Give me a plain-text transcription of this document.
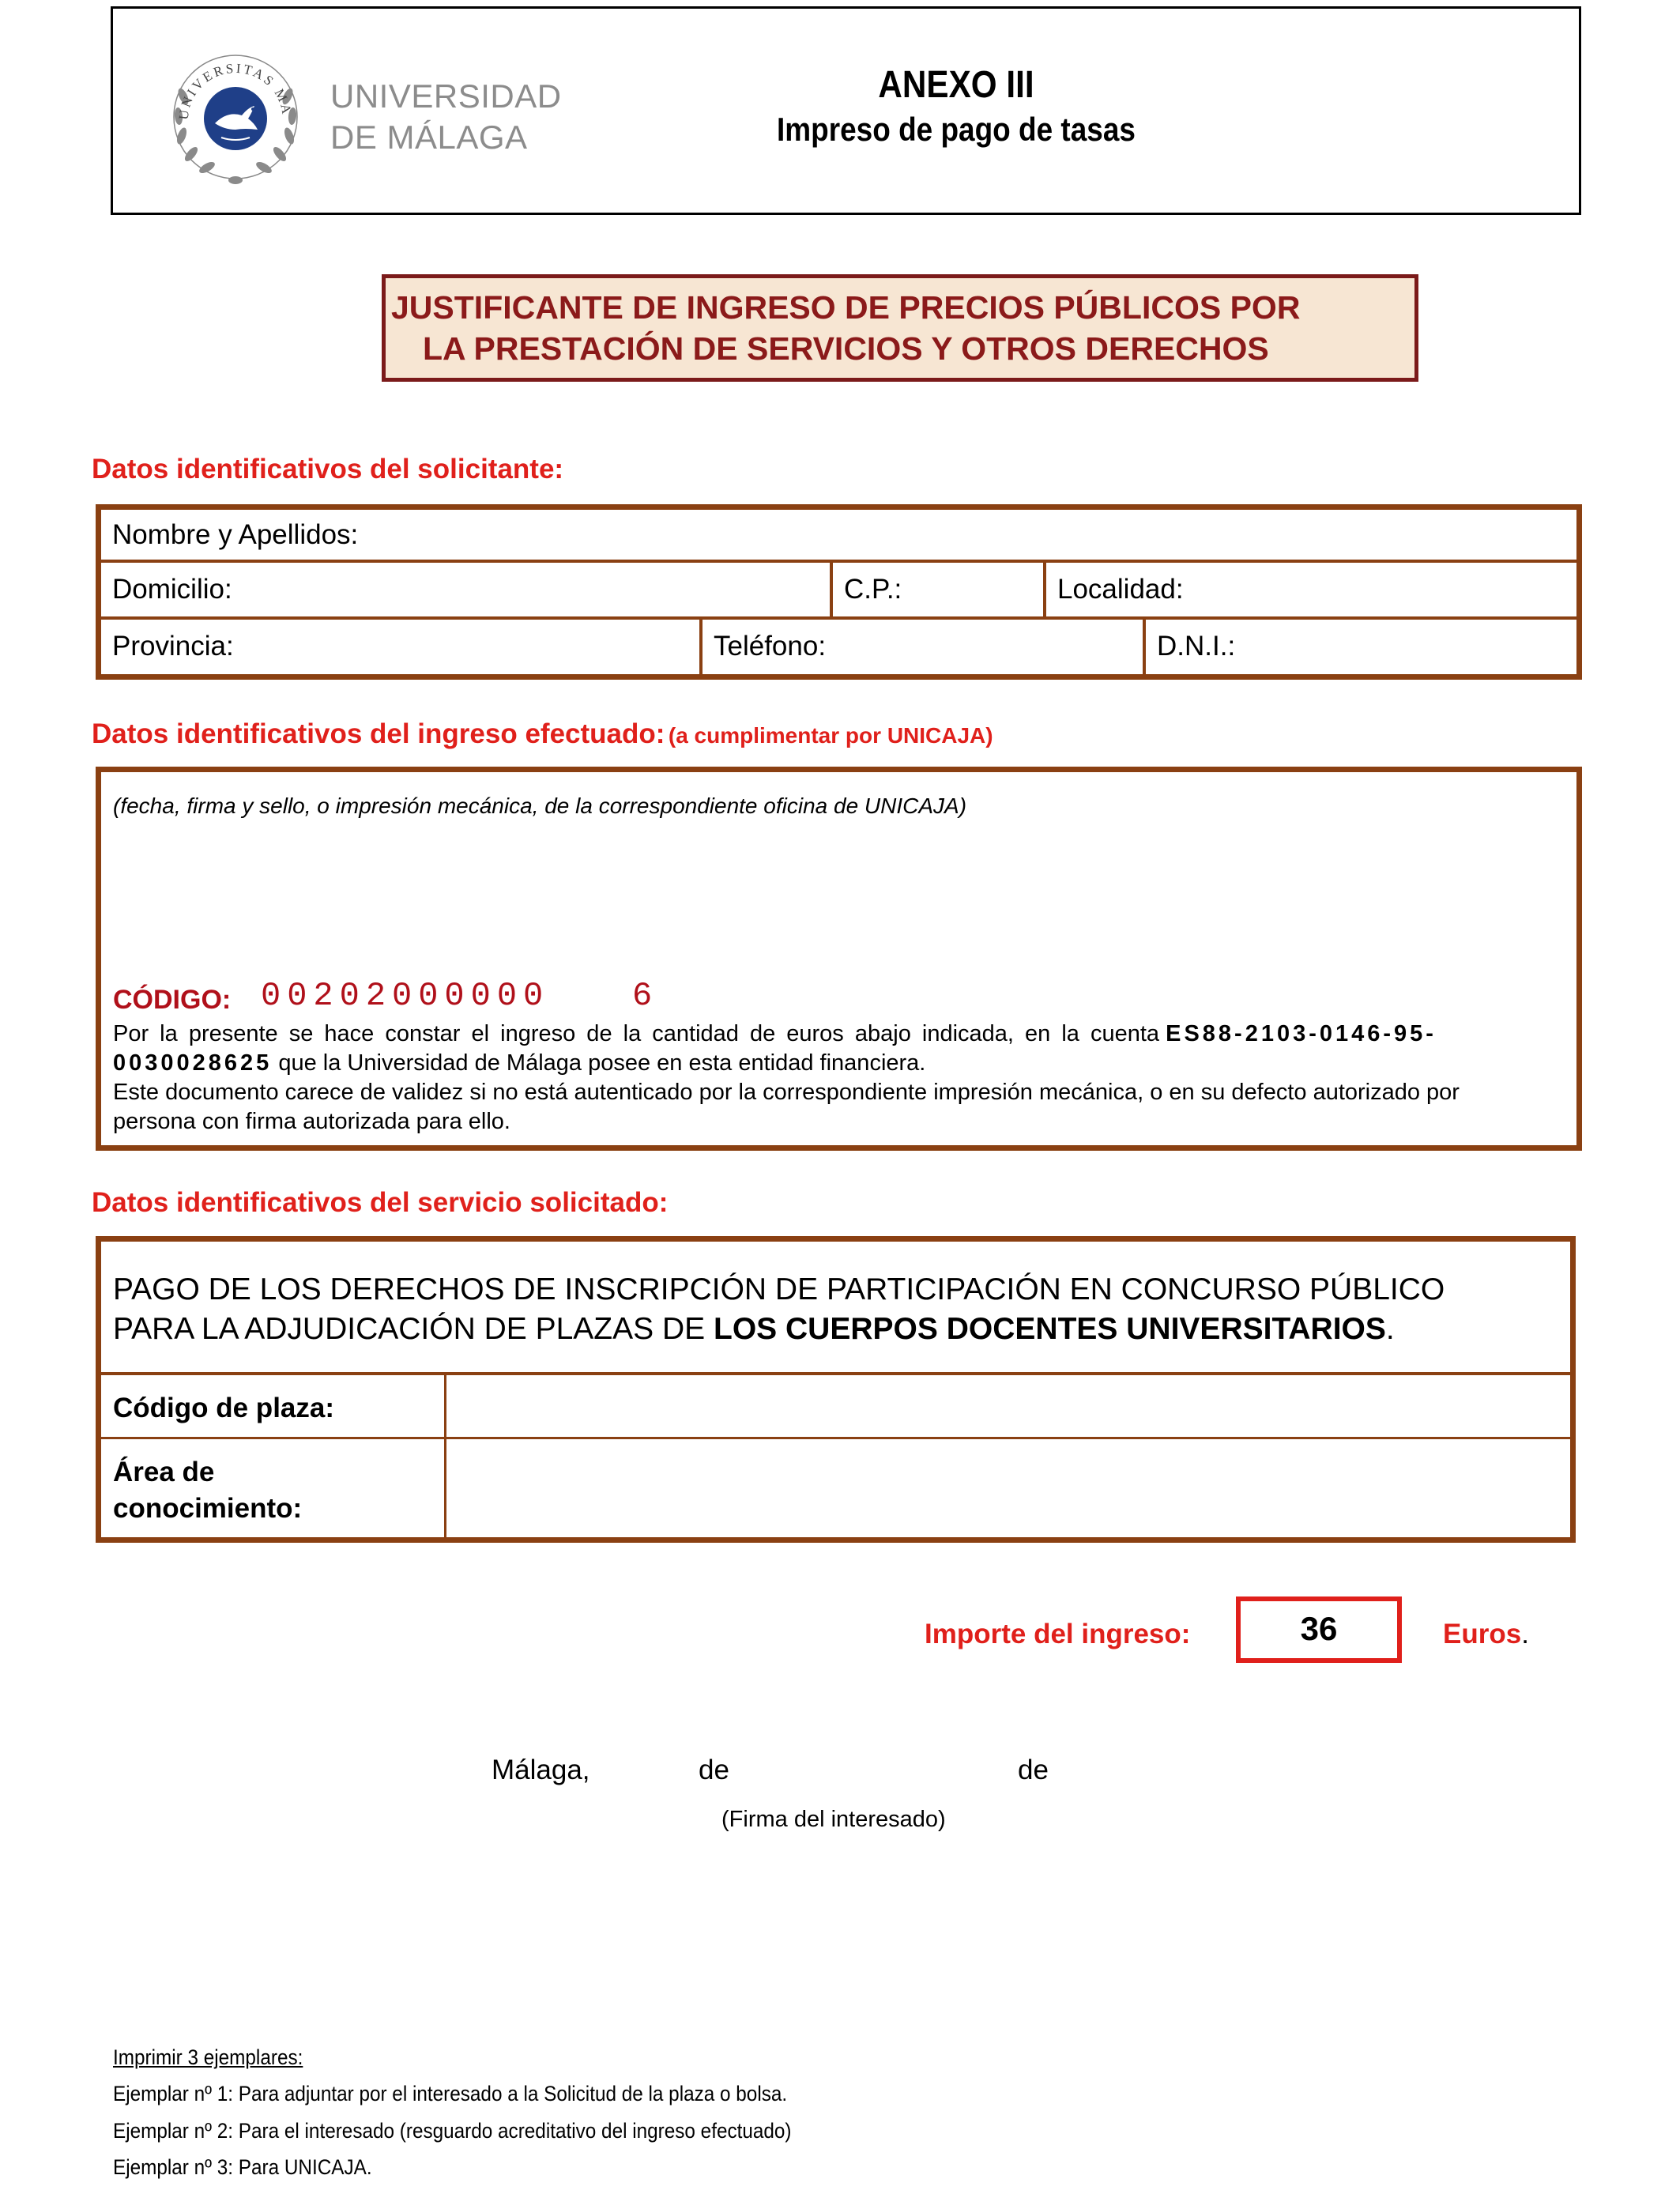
UNIVERSITAS MA UNIVERSIDAD
DE MÁLAGA
ANEXO III
Impreso de pago de tasas
JUSTIFICANTE DE INGRESO DE PRECIOS PÚBLICOS POR
LA PRESTACIÓN DE SERVICIOS Y OTROS DERECHOS
Datos identificativos del solicitante:
Nombre y Apellidos:
Domicilio:	C.P.:	Localidad:
Provincia:	Teléfono:	D.N.I.:
Datos identificativos del ingreso efectuado: (a cumplimentar por UNICAJA)
(fecha, firma y sello, o impresión mecánica, de la correspondiente oficina de UNICAJA)
CÓDIGO: 00202000000 6
Por la presente se hace constar el ingreso de la cantidad de euros abajo indicada, en la cuenta ES88-2103-0146-95-
0030028625 que la Universidad de Málaga posee en esta entidad financiera.
Este documento carece de validez si no está autenticado por la correspondiente impresión mecánica, o en su defecto autorizado por
persona con firma autorizada para ello.
Datos identificativos del servicio solicitado:
PAGO DE LOS DERECHOS DE INSCRIPCIÓN DE PARTICIPACIÓN EN CONCURSO PÚBLICO
PARA LA ADJUDICACIÓN DE PLAZAS DE LOS CUERPOS DOCENTES UNIVERSITARIOS.
Código de plaza:
Área de
conocimiento:
Importe del ingreso:	36	Euros.
Málaga,	de	de
(Firma del interesado)
Imprimir 3 ejemplares:
Ejemplar nº 1: Para adjuntar por el interesado a la Solicitud de la plaza o bolsa.
Ejemplar nº 2: Para el interesado (resguardo acreditativo del ingreso efectuado)
Ejemplar nº 3: Para UNICAJA.
